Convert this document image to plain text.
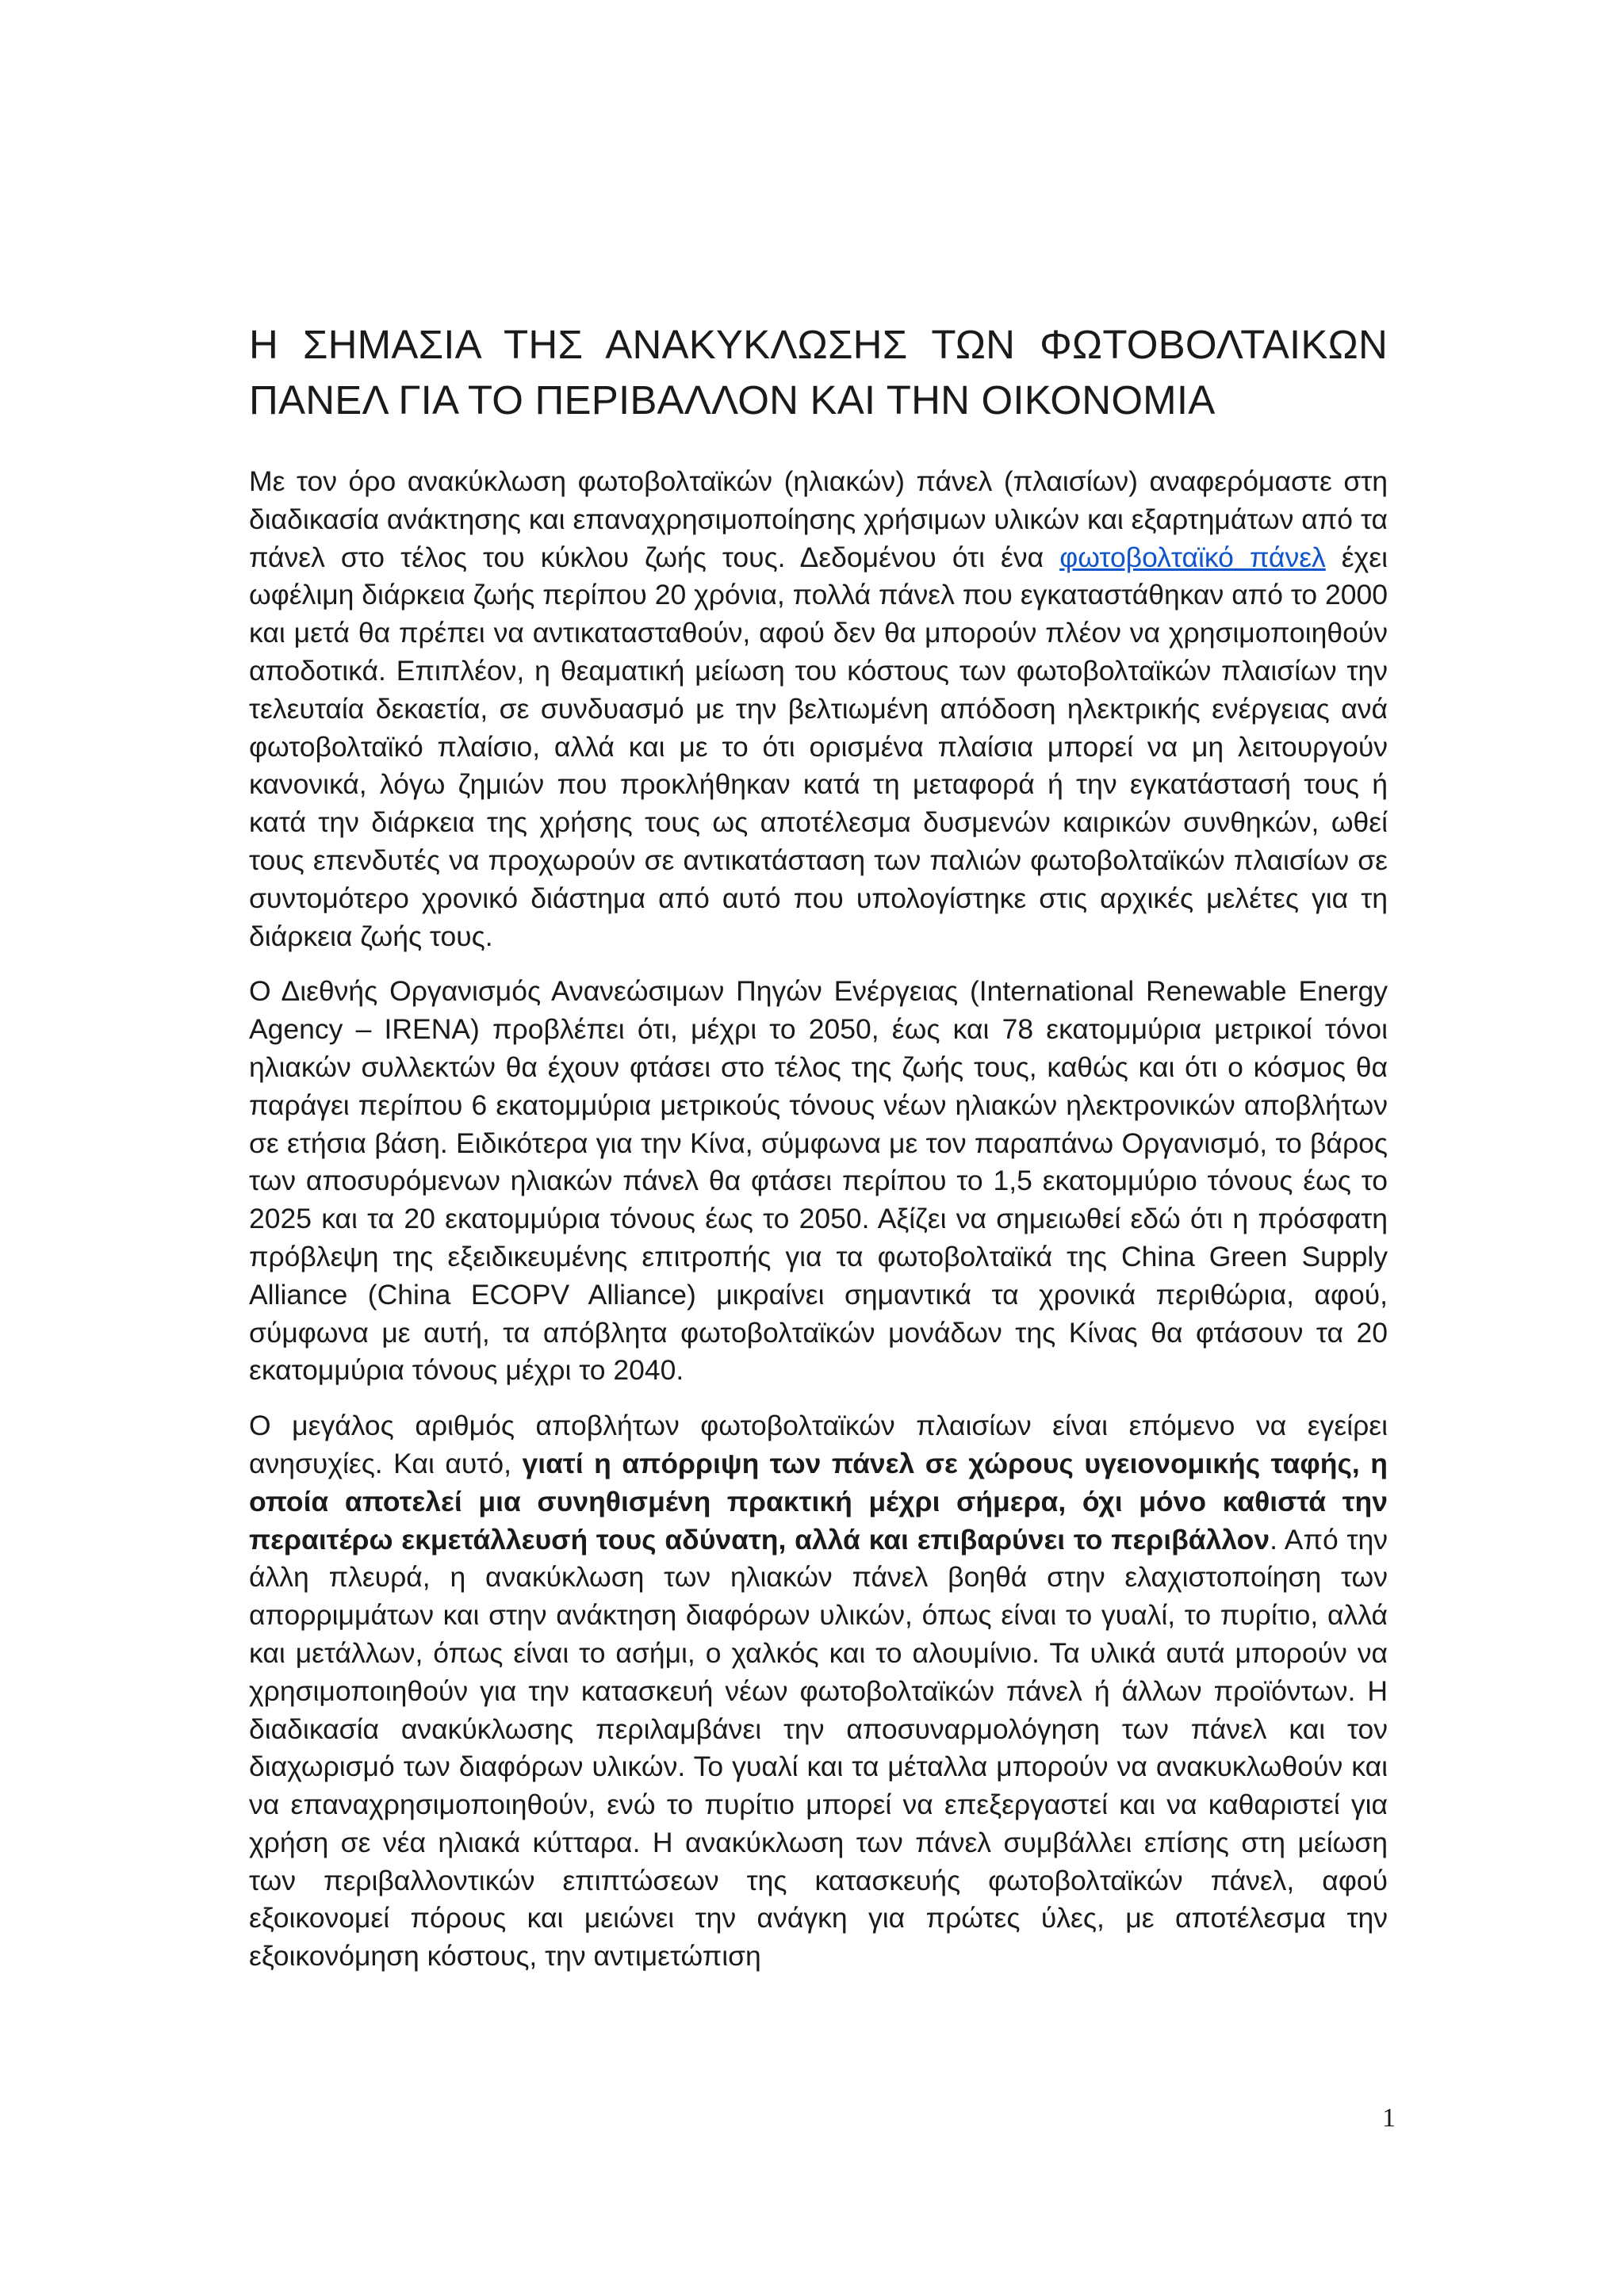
Η ΣΗΜΑΣΙΑ ΤΗΣ ΑΝΑΚΥΚΛΩΣΗΣ ΤΩΝ ΦΩΤΟΒΟΛΤΑΙΚΩΝ ΠΑΝΕΛ ΓΙΑ ΤΟ ΠΕΡΙΒΑΛΛΟΝ ΚΑΙ ΤΗΝ ΟΙΚΟΝΟΜΙΑ

Με τον όρο ανακύκλωση φωτοβολταϊκών (ηλιακών) πάνελ (πλαισίων) αναφερόμαστε στη διαδικασία ανάκτησης και επαναχρησιμοποίησης χρήσιμων υλικών και εξαρτημάτων από τα πάνελ στο τέλος του κύκλου ζωής τους. Δεδομένου ότι ένα φωτοβολταϊκό πάνελ έχει ωφέλιμη διάρκεια ζωής περίπου 20 χρόνια, πολλά πάνελ που εγκαταστάθηκαν από το 2000 και μετά θα πρέπει να αντικατασταθούν, αφού δεν θα μπορούν πλέον να χρησιμοποιηθούν αποδοτικά. Επιπλέον, η θεαματική μείωση του κόστους των φωτοβολταϊκών πλαισίων την τελευταία δεκαετία, σε συνδυασμό με την βελτιωμένη απόδοση ηλεκτρικής ενέργειας ανά φωτοβολταϊκό πλαίσιο, αλλά και με το ότι ορισμένα πλαίσια μπορεί να μη λειτουργούν κανονικά, λόγω ζημιών που προκλήθηκαν κατά τη μεταφορά ή την εγκατάστασή τους ή κατά την διάρκεια της χρήσης τους ως αποτέλεσμα δυσμενών καιρικών συνθηκών, ωθεί τους επενδυτές να προχωρούν σε αντικατάσταση των παλιών φωτοβολταϊκών πλαισίων σε συντομότερο χρονικό διάστημα από αυτό που υπολογίστηκε στις αρχικές μελέτες για τη διάρκεια ζωής τους.

Ο Διεθνής Οργανισμός Ανανεώσιμων Πηγών Ενέργειας (International Renewable Energy Agency – IRENA) προβλέπει ότι, μέχρι το 2050, έως και 78 εκατομμύρια μετρικοί τόνοι ηλιακών συλλεκτών θα έχουν φτάσει στο τέλος της ζωής τους, καθώς και ότι ο κόσμος θα παράγει περίπου 6 εκατομμύρια μετρικούς τόνους νέων ηλιακών ηλεκτρονικών αποβλήτων σε ετήσια βάση. Ειδικότερα για την Κίνα, σύμφωνα με τον παραπάνω Οργανισμό, το βάρος των αποσυρόμενων ηλιακών πάνελ θα φτάσει περίπου το 1,5 εκατομμύριο τόνους έως το 2025 και τα 20 εκατομμύρια τόνους έως το 2050. Αξίζει να σημειωθεί εδώ ότι η πρόσφατη πρόβλεψη της εξειδικευμένης επιτροπής για τα φωτοβολταϊκά της China Green Supply Alliance (China ECOPV Alliance) μικραίνει σημαντικά τα χρονικά περιθώρια, αφού, σύμφωνα με αυτή, τα απόβλητα φωτοβολταϊκών μονάδων της Κίνας θα φτάσουν τα 20 εκατομμύρια τόνους μέχρι το 2040.

Ο μεγάλος αριθμός αποβλήτων φωτοβολταϊκών πλαισίων είναι επόμενο να εγείρει ανησυχίες. Και αυτό, γιατί η απόρριψη των πάνελ σε χώρους υγειονομικής ταφής, η οποία αποτελεί μια συνηθισμένη πρακτική μέχρι σήμερα, όχι μόνο καθιστά την περαιτέρω εκμετάλλευσή τους αδύνατη, αλλά και επιβαρύνει το περιβάλλον. Από την άλλη πλευρά, η ανακύκλωση των ηλιακών πάνελ βοηθά στην ελαχιστοποίηση των απορριμμάτων και στην ανάκτηση διαφόρων υλικών, όπως είναι το γυαλί, το πυρίτιο, αλλά και μετάλλων, όπως είναι το ασήμι, ο χαλκός και το αλουμίνιο. Τα υλικά αυτά μπορούν να χρησιμοποιηθούν για την κατασκευή νέων φωτοβολταϊκών πάνελ ή άλλων προϊόντων. Η διαδικασία ανακύκλωσης περιλαμβάνει την αποσυναρμολόγηση των πάνελ και τον διαχωρισμό των διαφόρων υλικών. Το γυαλί και τα μέταλλα μπορούν να ανακυκλωθούν και να επαναχρησιμοποιηθούν, ενώ το πυρίτιο μπορεί να επεξεργαστεί και να καθαριστεί για χρήση σε νέα ηλιακά κύτταρα. Η ανακύκλωση των πάνελ συμβάλλει επίσης στη μείωση των περιβαλλοντικών επιπτώσεων της κατασκευής φωτοβολταϊκών πάνελ, αφού εξοικονομεί πόρους και μειώνει την ανάγκη για πρώτες ύλες, με αποτέλεσμα την εξοικονόμηση κόστους, την αντιμετώπιση

1
